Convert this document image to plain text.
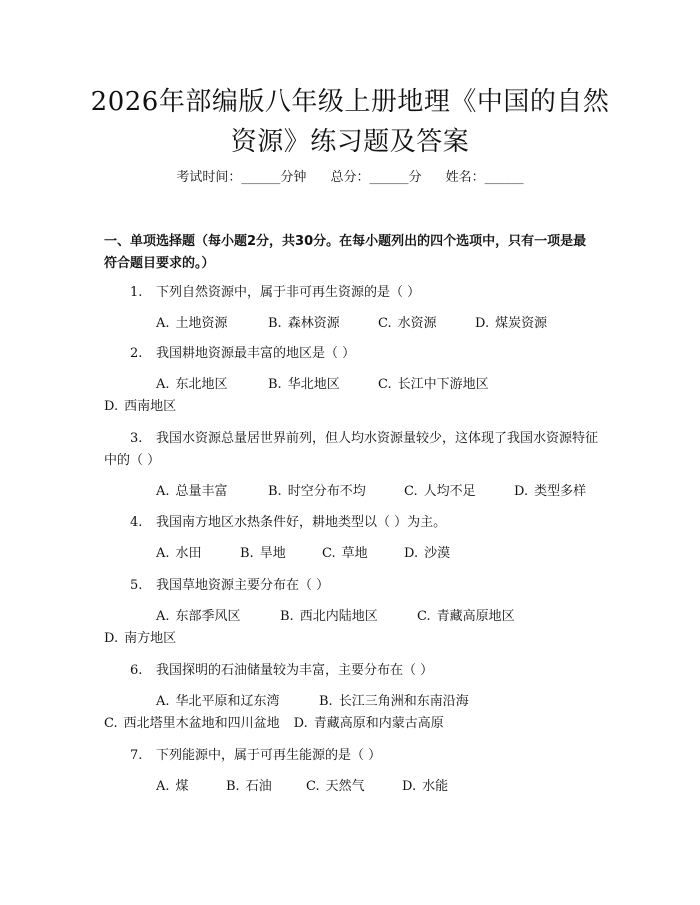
2026年部编版八年级上册地理《中国的自然
资源》练习题及答案
考试时间：______分钟 总分：______分 姓名：______
一、单项选择题（每小题2分，共30分。在每小题列出的四个选项中，只有一项是最符合题目要求的。）
1. 下列自然资源中，属于非可再生资源的是（ ）
A. 土地资源	B. 森林资源	C. 水资源	D. 煤炭资源
2. 我国耕地资源最丰富的地区是（ ）
A. 东北地区	B. 华北地区	C. 长江中下游地区D. 西南地区
3. 我国水资源总量居世界前列，但人均水资源量较少，这体现了我国水资源特征中的（ ）
A. 总量丰富	B. 时空分布不均	C. 人均不足	D. 类型多样
4. 我国南方地区水热条件好，耕地类型以（ ）为主。
A. 水田	B. 旱地	C. 草地	D. 沙漠
5. 我国草地资源主要分布在（ ）
A. 东部季风区	B. 西北内陆地区	C. 青藏高原地区D. 南方地区
6. 我国探明的石油储量较为丰富，主要分布在（ ）
A. 华北平原和辽东湾	B. 长江三角洲和东南沿海C. 西北塔里木盆地和四川盆地 D. 青藏高原和内蒙古高原
7. 下列能源中，属于可再生能源的是（ ）
A. 煤	B. 石油	C. 天然气	D. 水能
